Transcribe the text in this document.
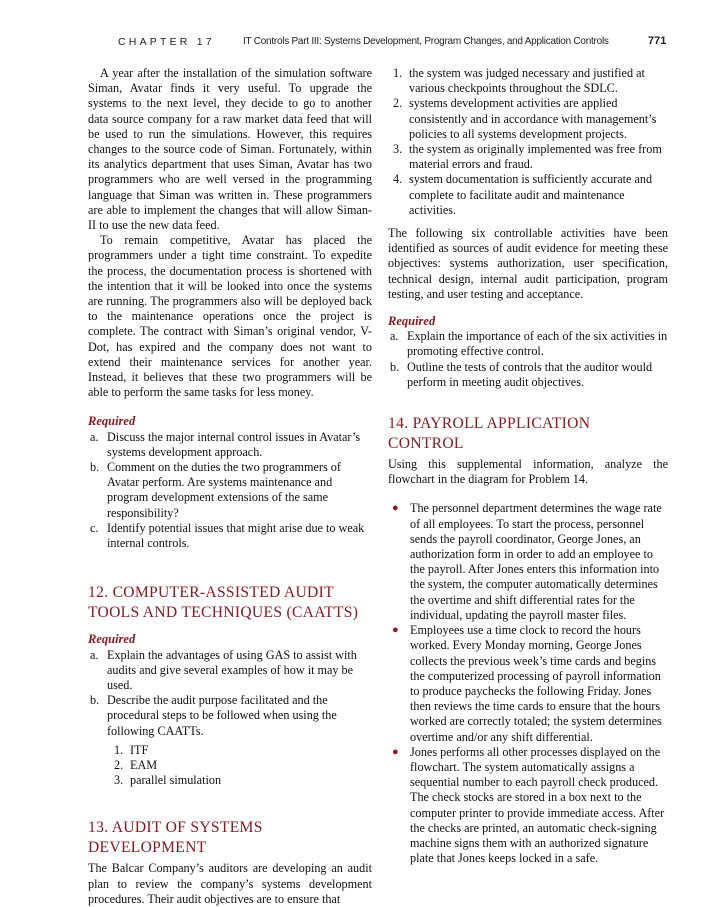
CHAPTER 17	IT Controls Part III: Systems Development, Program Changes, and Application Controls	771

A year after the installation of the simulation software Siman, Avatar finds it very useful. To upgrade the systems to the next level, they decide to go to another data source company for a raw market data feed that will be used to run the simulations. However, this requires changes to the source code of Siman. Fortunately, within its analytics department that uses Siman, Avatar has two programmers who are well versed in the programming language that Siman was written in. These programmers are able to implement the changes that will allow Siman-II to use the new data feed.

To remain competitive, Avatar has placed the programmers under a tight time constraint. To expedite the process, the documentation process is shortened with the intention that it will be looked into once the systems are running. The programmers also will be deployed back to the maintenance operations once the project is complete. The contract with Siman’s original vendor, V-Dot, has expired and the company does not want to extend their maintenance services for another year. Instead, it believes that these two programmers will be able to perform the same tasks for less money.

Required

a. Discuss the major internal control issues in Avatar’s systems development approach.
b. Comment on the duties the two programmers of Avatar perform. Are systems maintenance and program development extensions of the same responsibility?
c. Identify potential issues that might arise due to weak internal controls.
12. COMPUTER-ASSISTED AUDIT TOOLS AND TECHNIQUES (CAATTS)

Required

a. Explain the advantages of using GAS to assist with audits and give several examples of how it may be used.
b. Describe the audit purpose facilitated and the procedural steps to be followed when using the following CAATTs.
1. ITF
2. EAM
3. parallel simulation
13. AUDIT OF SYSTEMS DEVELOPMENT

The Balcar Company’s auditors are developing an audit plan to review the company’s systems development procedures. Their audit objectives are to ensure that

1. the system was judged necessary and justified at various checkpoints throughout the SDLC.
2. systems development activities are applied consistently and in accordance with management’s policies to all systems development projects.
3. the system as originally implemented was free from material errors and fraud.
4. system documentation is sufficiently accurate and complete to facilitate audit and maintenance activities.

The following six controllable activities have been identified as sources of audit evidence for meeting these objectives: systems authorization, user specification, technical design, internal audit participation, program testing, and user testing and acceptance.

Required

a. Explain the importance of each of the six activities in promoting effective control.
b. Outline the tests of controls that the auditor would perform in meeting audit objectives.
14. PAYROLL APPLICATION CONTROL

Using this supplemental information, analyze the flowchart in the diagram for Problem 14.

● The personnel department determines the wage rate of all employees. To start the process, personnel sends the payroll coordinator, George Jones, an authorization form in order to add an employee to the payroll. After Jones enters this information into the system, the computer automatically determines the overtime and shift differential rates for the individual, updating the payroll master files.
● Employees use a time clock to record the hours worked. Every Monday morning, George Jones collects the previous week’s time cards and begins the computerized processing of payroll information to produce paychecks the following Friday. Jones then reviews the time cards to ensure that the hours worked are correctly totaled; the system determines overtime and/or any shift differential.
● Jones performs all other processes displayed on the flowchart. The system automatically assigns a sequential number to each payroll check produced. The check stocks are stored in a box next to the computer printer to provide immediate access. After the checks are printed, an automatic check-signing machine signs them with an authorized signature plate that Jones keeps locked in a safe.
